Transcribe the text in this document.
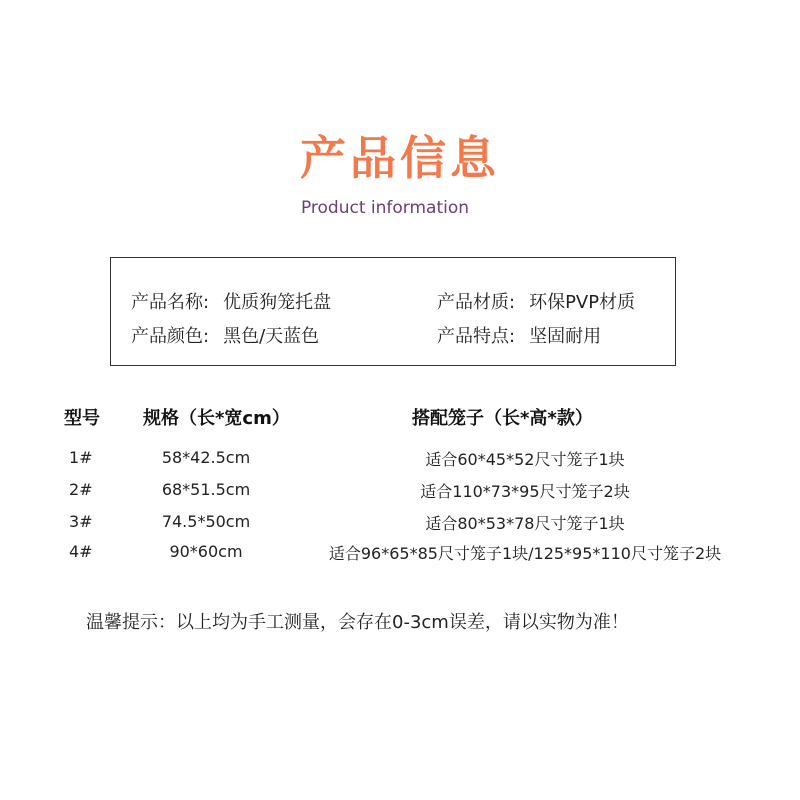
产品信息
Product information
产品名称: 优质狗笼托盘	产品材质: 环保PVP材质
产品颜色: 黑色/天蓝色	产品特点: 坚固耐用
型号 规格（长*宽cm）	搭配笼子（长*高*款）
1#	58*42.5cm	适合60*45*52尺寸笼子1块
2#	68*51.5cm	适合110*73*95尺寸笼子2块
3#	74.5*50cm	适合80*53*78尺寸笼子1块
4#	90*60cm	适合96*65*85尺寸笼子1块/125*95*110尺寸笼子2块
温馨提示：以上均为手工测量，会存在0-3cm误差，请以实物为准！
